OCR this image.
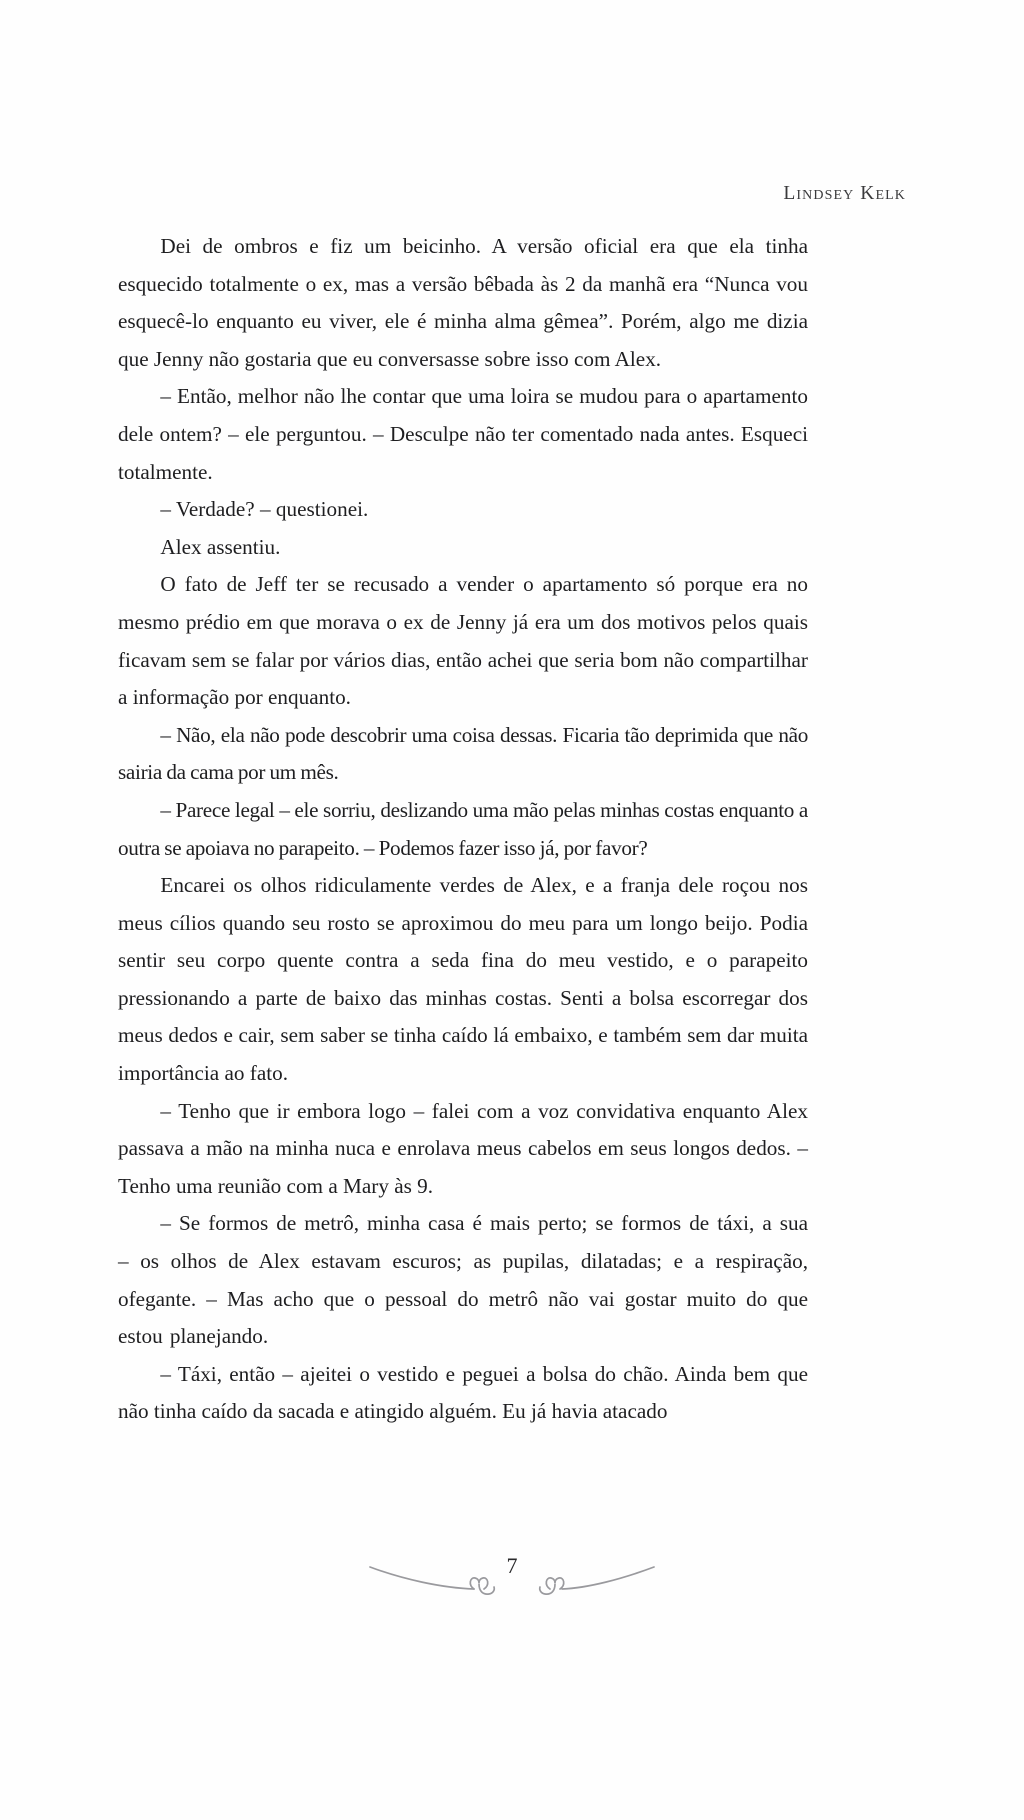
Lindsey Kelk

Dei de ombros e fiz um beicinho. A versão oficial era que ela tinha esquecido totalmente o ex, mas a versão bêbada às 2 da manhã era “Nunca vou esquecê-lo enquanto eu viver, ele é minha alma gêmea”. Porém, algo me dizia que Jenny não gostaria que eu conversasse sobre isso com Alex.

– Então, melhor não lhe contar que uma loira se mudou para o apartamento dele ontem? – ele perguntou. – Desculpe não ter comentado nada antes. Esqueci totalmente.

– Verdade? – questionei.

Alex assentiu.

O fato de Jeff ter se recusado a vender o apartamento só porque era no mesmo prédio em que morava o ex de Jenny já era um dos motivos pelos quais ficavam sem se falar por vários dias, então achei que seria bom não compartilhar a informação por enquanto.

– Não, ela não pode descobrir uma coisa dessas. Ficaria tão deprimida que não sairia da cama por um mês.

– Parece legal – ele sorriu, deslizando uma mão pelas minhas costas enquanto a outra se apoiava no parapeito. – Podemos fazer isso já, por favor?

Encarei os olhos ridiculamente verdes de Alex, e a franja dele roçou nos meus cílios quando seu rosto se aproximou do meu para um longo beijo. Podia sentir seu corpo quente contra a seda fina do meu vestido, e o parapeito pressionando a parte de baixo das minhas costas. Senti a bolsa escorregar dos meus dedos e cair, sem saber se tinha caído lá embaixo, e também sem dar muita importância ao fato.

– Tenho que ir embora logo – falei com a voz convidativa enquanto Alex passava a mão na minha nuca e enrolava meus cabelos em seus longos dedos. – Tenho uma reunião com a Mary às 9.

– Se formos de metrô, minha casa é mais perto; se formos de táxi, a sua – os olhos de Alex estavam escuros; as pupilas, dilatadas; e a respiração, ofegante. – Mas acho que o pessoal do metrô não vai gostar muito do que estou planejando.

– Táxi, então – ajeitei o vestido e peguei a bolsa do chão. Ainda bem que não tinha caído da sacada e atingido alguém. Eu já havia atacado

7
